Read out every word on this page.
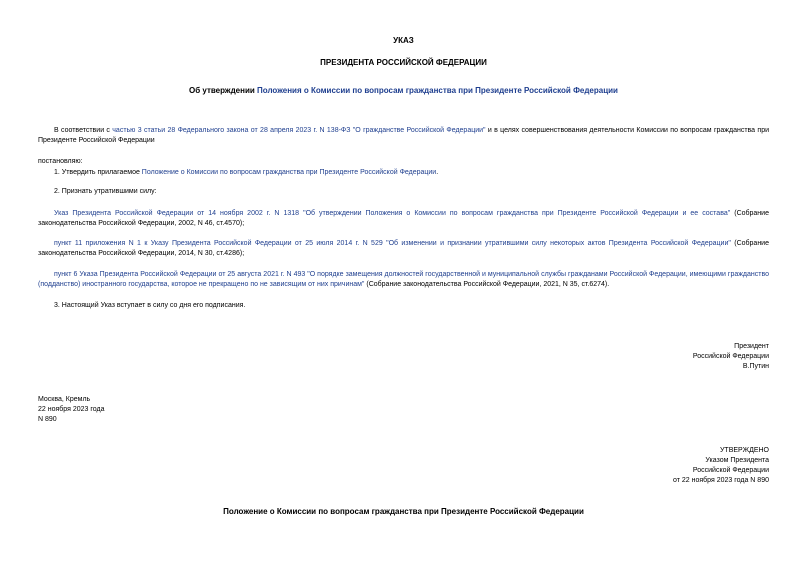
УКАЗ
ПРЕЗИДЕНТА РОССИЙСКОЙ ФЕДЕРАЦИИ
Об утверждении Положения о Комиссии по вопросам гражданства при Президенте Российской Федерации
В соответствии с частью 3 статьи 28 Федерального закона от 28 апреля 2023 г. N 138-ФЗ "О гражданстве Российской Федерации" и в целях совершенствования деятельности Комиссии по вопросам гражданства при Президенте Российской Федерации
постановляю:
1. Утвердить прилагаемое Положение о Комиссии по вопросам гражданства при Президенте Российской Федерации.
2. Признать утратившими силу:
Указ Президента Российской Федерации от 14 ноября 2002 г. N 1318 "Об утверждении Положения о Комиссии по вопросам гражданства при Президенте Российской Федерации и ее состава" (Собрание законодательства Российской Федерации, 2002, N 46, ст.4570);
пункт 11 приложения N 1 к Указу Президента Российской Федерации от 25 июля 2014 г. N 529 "Об изменении и признании утратившими силу некоторых актов Президента Российской Федерации" (Собрание законодательства Российской Федерации, 2014, N 30, ст.4286);
пункт 6 Указа Президента Российской Федерации от 25 августа 2021 г. N 493 "О порядке замещения должностей государственной и муниципальной службы гражданами Российской Федерации, имеющими гражданство (подданство) иностранного государства, которое не прекращено по не зависящим от них причинам" (Собрание законодательства Российской Федерации, 2021, N 35, ст.6274).
3. Настоящий Указ вступает в силу со дня его подписания.
Президент
Российской Федерации
В.Путин
Москва, Кремль
22 ноября 2023 года
N 890
УТВЕРЖДЕНО
Указом Президента
Российской Федерации
от 22 ноября 2023 года N 890
Положение о Комиссии по вопросам гражданства при Президенте Российской Федерации
